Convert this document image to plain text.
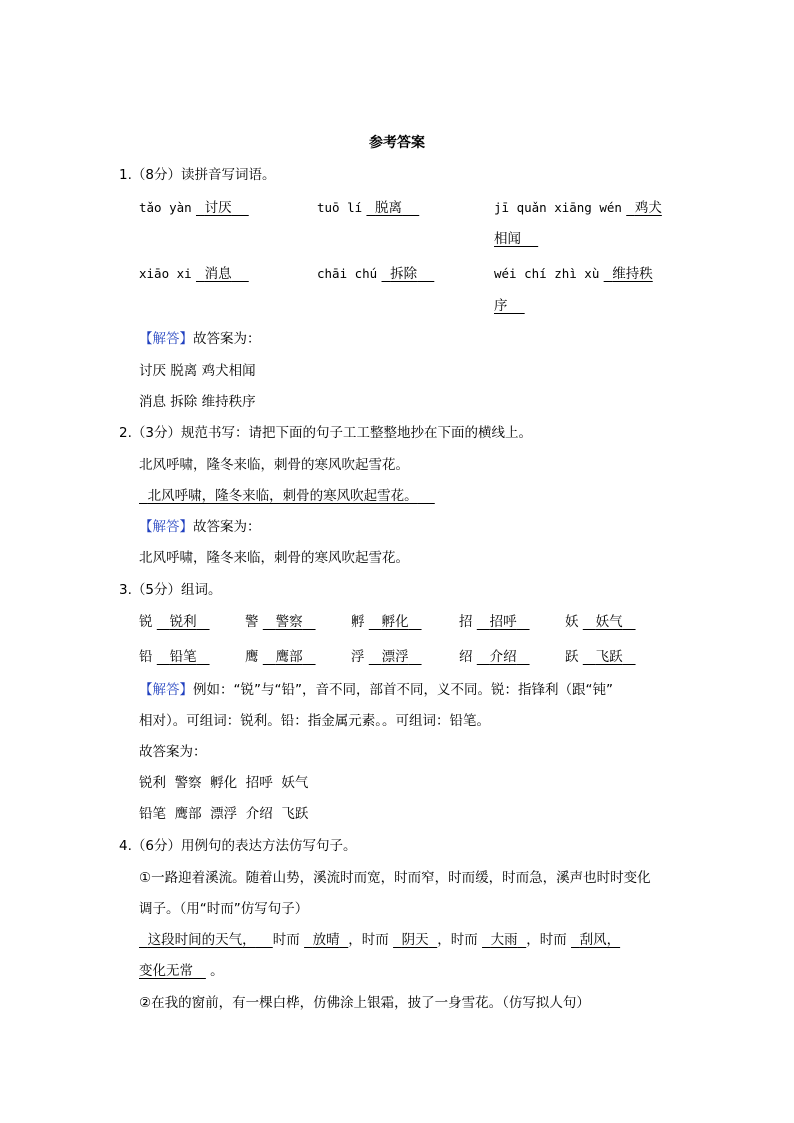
参考答案
1.（8分）读拼音写词语。
tǎo yàn 讨厌	tuō lí 脱离	jī quǎn xiāng wén 鸡犬
相闻
xiāo xi 消息	chāi chú 拆除	wéi chí zhì xù 维持秩
序
【解答】故答案为：
讨厌 脱离 鸡犬相闻
消息 拆除 维持秩序
2.（3分）规范书写：请把下面的句子工工整整地抄在下面的横线上。
北风呼啸，隆冬来临，刺骨的寒风吹起雪花。
北风呼啸，隆冬来临，刺骨的寒风吹起雪花。
【解答】故答案为：
北风呼啸，隆冬来临，刺骨的寒风吹起雪花。
3.（5分）组词。
锐 锐利	警 警察	孵 孵化	招 招呼	妖 妖气
铅 铅笔	鹰 鹰部	浮 漂浮	绍 介绍	跃 飞跃
【解答】例如：“锐”与“铅”，音不同，部首不同，义不同。锐：指锋利（跟“钝”
相对）。可组词：锐利。铅：指金属元素。。可组词：铅笔。
故答案为：
锐利  警察  孵化  招呼  妖气
铅笔  鹰部  漂浮  介绍  飞跃
4.（6分）用例句的表达方法仿写句子。
①一路迎着溪流。随着山势，溪流时而宽，时而窄，时而缓，时而急，溪声也时时变化
调子。（用“时而”仿写句子）
这段时间的天气， 时而 放晴 ，时而 阴天 ，时而 大雨 ，时而 刮风，
变化无常 。
②在我的窗前，有一棵白桦，仿佛涂上银霜，披了一身雪花。（仿写拟人句）
